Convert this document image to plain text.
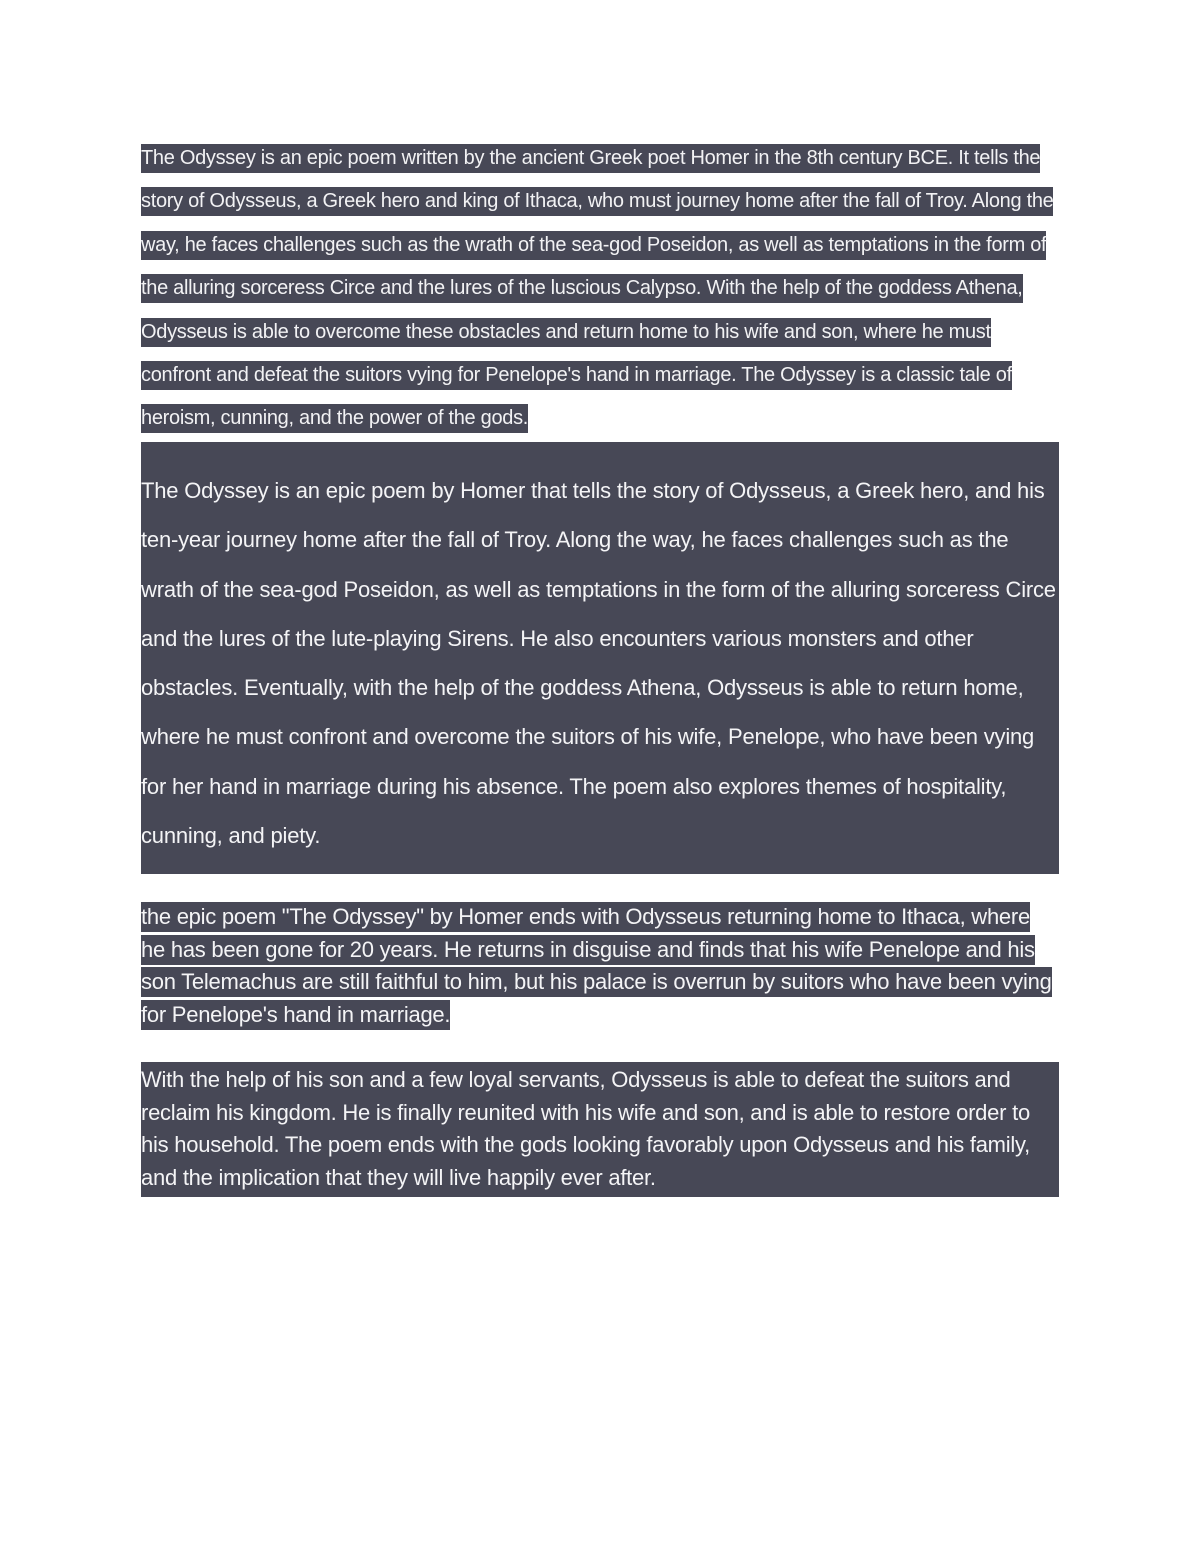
The Odyssey is an epic poem written by the ancient Greek poet Homer in the 8th century BCE. It tells the story of Odysseus, a Greek hero and king of Ithaca, who must journey home after the fall of Troy. Along the way, he faces challenges such as the wrath of the sea-god Poseidon, as well as temptations in the form of the alluring sorceress Circe and the lures of the luscious Calypso. With the help of the goddess Athena, Odysseus is able to overcome these obstacles and return home to his wife and son, where he must confront and defeat the suitors vying for Penelope's hand in marriage. The Odyssey is a classic tale of heroism, cunning, and the power of the gods.

The Odyssey is an epic poem by Homer that tells the story of Odysseus, a Greek hero, and his ten-year journey home after the fall of Troy. Along the way, he faces challenges such as the wrath of the sea-god Poseidon, as well as temptations in the form of the alluring sorceress Circe and the lures of the lute-playing Sirens. He also encounters various monsters and other obstacles. Eventually, with the help of the goddess Athena, Odysseus is able to return home, where he must confront and overcome the suitors of his wife, Penelope, who have been vying for her hand in marriage during his absence. The poem also explores themes of hospitality, cunning, and piety.

the epic poem "The Odyssey" by Homer ends with Odysseus returning home to Ithaca, where he has been gone for 20 years. He returns in disguise and finds that his wife Penelope and his son Telemachus are still faithful to him, but his palace is overrun by suitors who have been vying for Penelope's hand in marriage.

With the help of his son and a few loyal servants, Odysseus is able to defeat the suitors and reclaim his kingdom. He is finally reunited with his wife and son, and is able to restore order to his household. The poem ends with the gods looking favorably upon Odysseus and his family, and the implication that they will live happily ever after.
